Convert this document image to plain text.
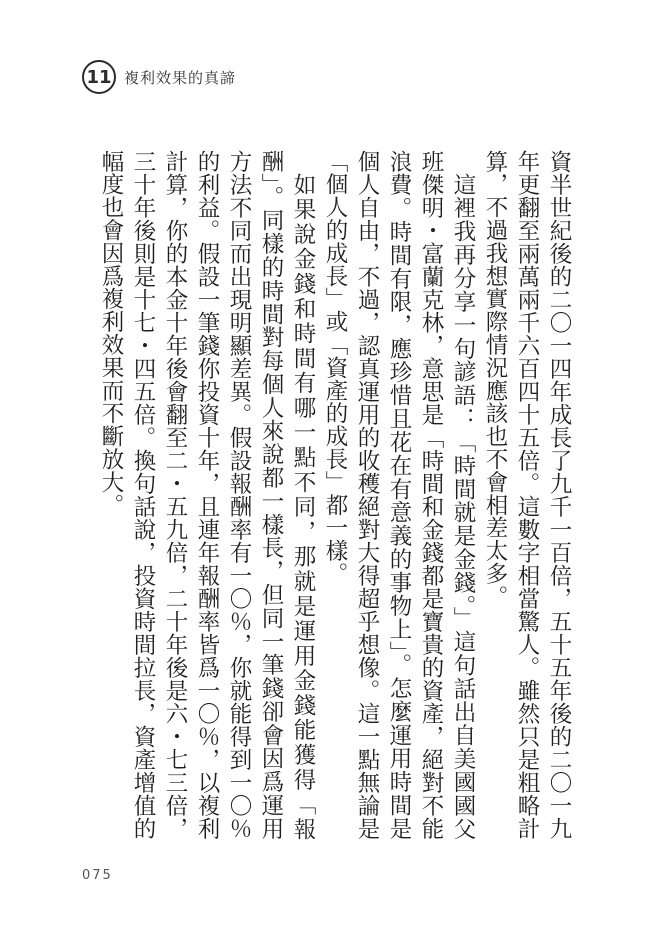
11 複利效果的真諦

資半世紀後的二〇一四年成長了九千一百倍，五十五年後的二〇一九年更翻至兩萬兩千六百四十五倍。這數字相當驚人。雖然只是粗略計算，不過我想實際情況應該也不會相差太多。

這裡我再分享一句諺語：「時間就是金錢。」這句話出自美國國父班傑明・富蘭克林，意思是「時間和金錢都是寶貴的資產，絕對不能浪費。時間有限，應珍惜且花在有意義的事物上」。怎麼運用時間是個人自由，不過，認真運用的收穫絕對大得超乎想像。這一點無論是「個人的成長」或「資產的成長」都一樣。

如果說金錢和時間有哪一點不同，那就是運用金錢能獲得「報酬」。同樣的時間對每個人來說都一樣長，但同一筆錢卻會因爲運用方法不同而出現明顯差異。假設報酬率有一〇％，你就能得到一〇％的利益。假設一筆錢你投資十年，且連年報酬率皆爲一〇％，以複利計算，你的本金十年後會翻至二・五九倍，二十年後是六・七三倍，三十年後則是十七・四五倍。換句話說，投資時間拉長，資產增值的幅度也會因爲複利效果而不斷放大。

075
